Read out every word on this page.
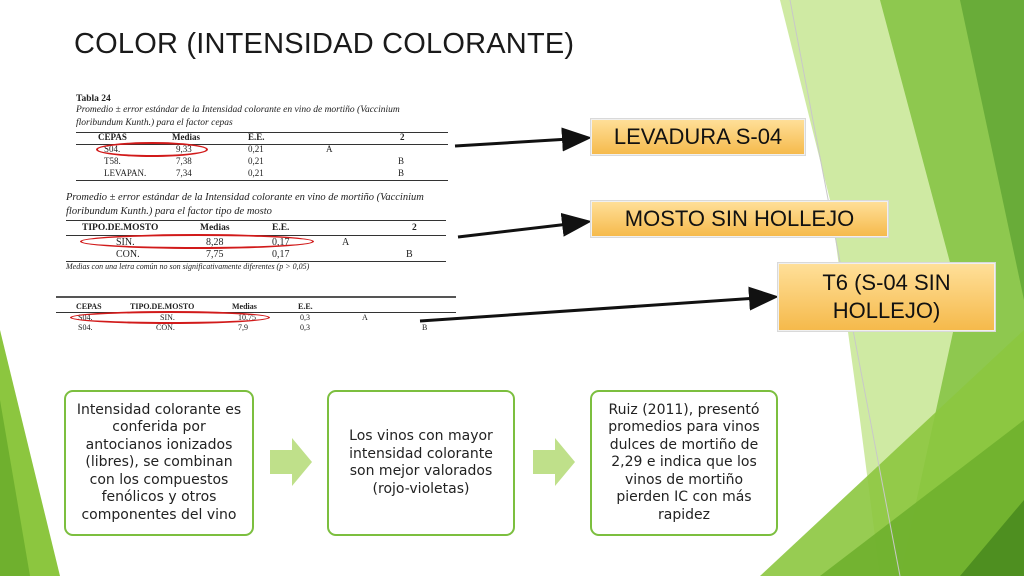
COLOR (INTENSIDAD COLORANTE)
Tabla 24
Promedio ± error estándar de la Intensidad colorante en vino de mortiño (Vaccinium floribundum Kunth.) para el factor cepas
CEPAS	Medias	E.E.	2
S04.	9,33	0,21	A
T58.	7,38	0,21	B
LEVAPAN.	7,34	0,21	B
Promedio ± error estándar de la Intensidad colorante en vino de mortiño (Vaccinium floribundum Kunth.) para el factor tipo de mosto
TIPO.DE.MOSTO	Medias	E.E.	2
SIN.	8,28	0,17	A
CON.	7,75	0,17	B
Medias con una letra común no son significativamente diferentes (p > 0,05)
CEPAS	TIPO.DE.MOSTO	Medias	E.E.
S04.	SIN.	10,75	0,3	A
S04.	CON.	7,9	0,3	B
LEVADURA S-04
MOSTO SIN HOLLEJO
T6 (S-04 SIN HOLLEJO)
Intensidad colorante es conferida por antocianos ionizados (libres), se combinan con los compuestos fenólicos y otros componentes del vino
Los vinos con mayor intensidad colorante son mejor valorados (rojo-violetas)
Ruiz (2011), presentó promedios para vinos dulces de mortiño de 2,29 e indica que los vinos de mortiño pierden IC con más rapidez
